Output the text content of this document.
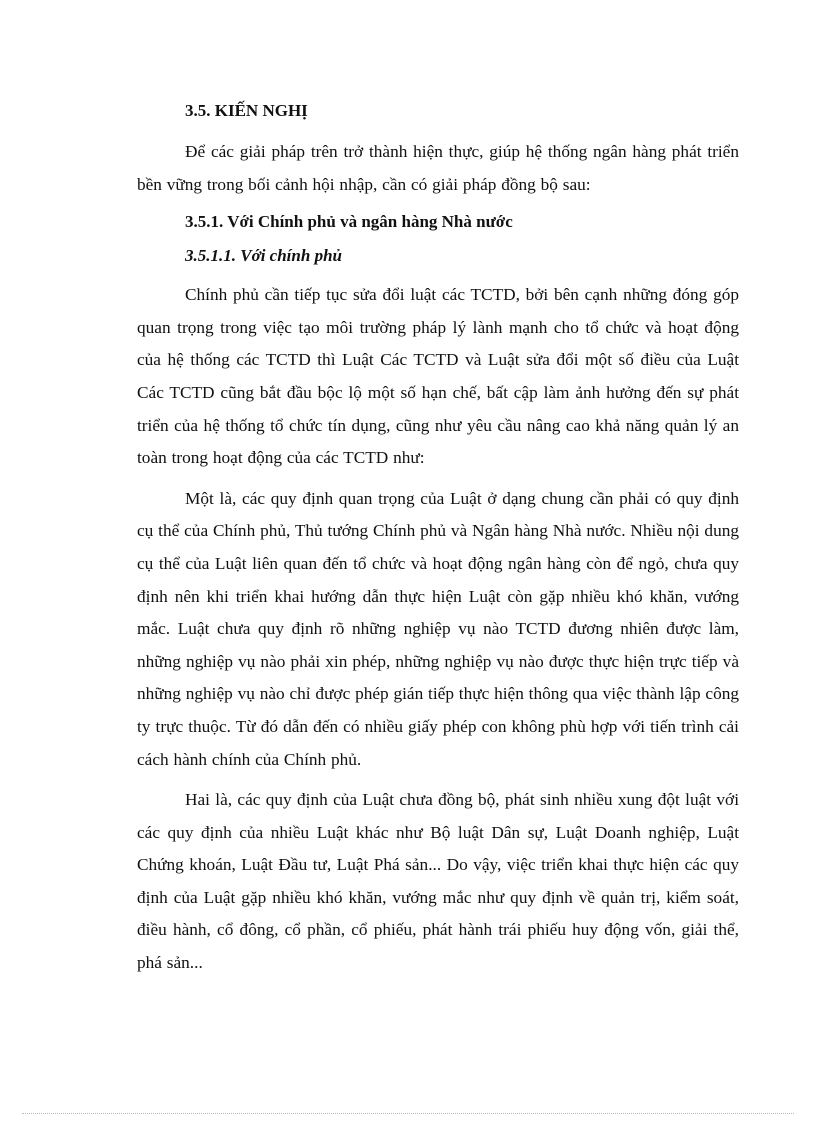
3.5. KIẾN NGHỊ

Để các giải pháp trên trở thành hiện thực, giúp hệ thống ngân hàng phát triển bền vững trong bối cảnh hội nhập, cần có giải pháp đồng bộ sau:

3.5.1. Với Chính phủ và ngân hàng Nhà nước

3.5.1.1. Với chính phủ

Chính phủ cần tiếp tục sửa đổi luật các TCTD, bởi bên cạnh những đóng góp quan trọng trong việc tạo môi trường pháp lý lành mạnh cho tổ chức và hoạt động của hệ thống các TCTD thì Luật Các TCTD và Luật sửa đổi một số điều của Luật Các TCTD cũng bắt đầu bộc lộ một số hạn chế, bất cập làm ảnh hưởng đến sự phát triển của hệ thống tổ chức tín dụng, cũng như yêu cầu nâng cao khả năng quản lý an toàn trong hoạt động của các TCTD như:

Một là, các quy định quan trọng của Luật ở dạng chung cần phải có quy định cụ thể của Chính phủ, Thủ tướng Chính phủ và Ngân hàng Nhà nước. Nhiều nội dung cụ thể của Luật liên quan đến tổ chức và hoạt động ngân hàng còn để ngỏ, chưa quy định nên khi triển khai hướng dẫn thực hiện Luật còn gặp nhiều khó khăn, vướng mắc. Luật chưa quy định rõ những nghiệp vụ nào TCTD đương nhiên được làm, những nghiệp vụ nào phải xin phép, những nghiệp vụ nào được thực hiện trực tiếp và những nghiệp vụ nào chỉ được phép gián tiếp thực hiện thông qua việc thành lập công ty trực thuộc. Từ đó dẫn đến có nhiều giấy phép con không phù hợp với tiến trình cải cách hành chính của Chính phủ.

Hai là, các quy định của Luật chưa đồng bộ, phát sinh nhiều xung đột luật với các quy định của nhiều Luật khác như Bộ luật Dân sự, Luật Doanh nghiệp, Luật Chứng khoán, Luật Đầu tư, Luật Phá sản... Do vậy, việc triển khai thực hiện các quy định của Luật gặp nhiều khó khăn, vướng mắc như quy định về quản trị, kiểm soát, điều hành, cổ đông, cổ phần, cổ phiếu, phát hành trái phiếu huy động vốn, giải thể, phá sản...
